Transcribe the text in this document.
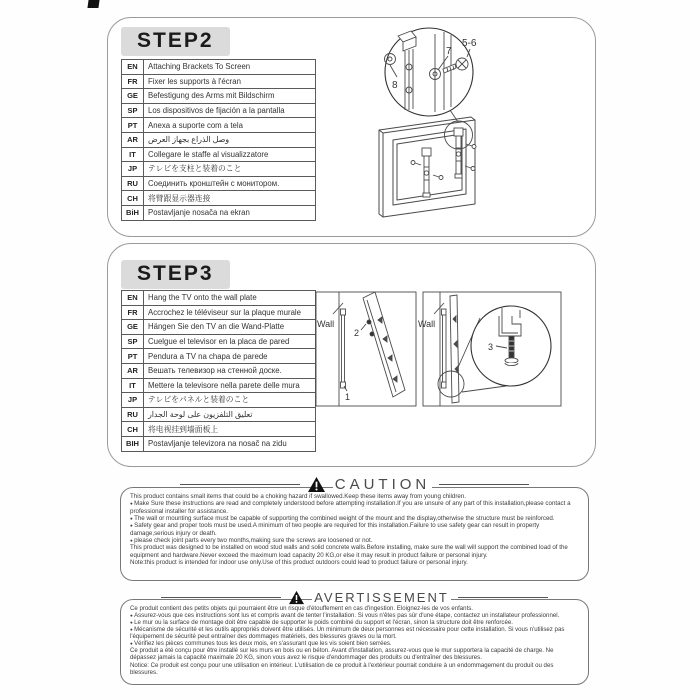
STEP2
EN	Attaching Brackets To Screen
FR	Fixer les supports à l'écran
GE	Befestigung des Arms mit Bildschirm
SP	Los dispositivos de fijación a la pantalla
PT	Anexa a suporte com a tela
AR	وصل الذراع بجهاز العرض
IT	Collegare le staffe al visualizzatore
JP	テレビを支柱と装着のこと
RU	Соединить кронштейн с монитором.
CH	将臂跟显示器连接
BiH	Postavljanje nosača na ekran
8
7
5-6
STEP3
EN	Hang the TV onto the wall plate
FR	Accrochez le téléviseur sur la plaque murale
GE	Hängen Sie den TV an die Wand-Platte
SP	Cuelgue el televisor en la placa de pared
PT	Pendura a TV na chapa de parede
AR	Вешать телевизор на стенной доске.
IT	Mettere la televisore nella parete delle mura
JP	テレビをパネルと装着のこと
RU	تعليق التلفزيون على لوحة الجدار
CH	将电视挂到墙面板上
BIH	Postavljanje televizora na nosač na zidu
Wall
1
2
Wall
3
CAUTION

This product contains small items that could be a choking hazard if swallowed.Keep these items away from young children.

● Make Sure these instructions are read and completely understood before attempting installation.If you are unsure of any part of this installation,please contact a professional installer for assistance.
● The wall or mounting surface must be capable of supporting the combined weight of the mount and the display,otherwise the structure must be reinforced.
● Safety gear and proper tools must be used.A minimum of two people are required for this installation.Failure to use safety gear can result in property damage,serious injury or death.
● please check joint parts every two months,making sure the screws are loosened or not.

This product was designed to be installed on wood stud walls and solid concrete walls.Before installing, make sure the wall will support the combined load of the equipment and hardware.Never exceed the maximum load capacity 20 KG,or else it may result in product failure or personal injury.

Note:this product is intended for indoor use only.Use of this product outdoors could lead to product failure or personal injury.

AVERTISSEMENT

Ce produit contient des petits objets qui pourraient être un risque d'étouffement en cas d'ingestion. Eloignez-les de vos enfants.

● Assurez-vous que ces instructions sont lus et compris avant de tenter l'installation. Si vous n'êtes pas sûr d'une étape, contactez un installateur professionnel.
● Le mur ou la surface de montage doit être capable de supporter le poids combiné du support et l'écran, sinon la structure doit être renforcée.
● Mécanisme de sécurité et les outils appropriés doivent être utilisés. Un minimum de deux personnes est nécessaire pour cette installation. Si vous n'utilisez pas l'équipement de sécurité peut entraîner des dommages matériels, des blessures graves ou la mort.
● Vérifiez les pièces communes tous les deux mois, en s'assurant que les vis soient bien serrées.

Ce produit a été conçu pour être installé sur les murs en bois ou en béton. Avant d'installation, assurez-vous que le mur supportera la capacité de charge. Ne dépassez jamais la capacité maximale 20 KG, sinon vous avez le risque d'endommager des produits ou d'entraîner des blessures.

Notice: Ce produit est conçu pour une utilisation en intérieur. L'utilisation de ce produit à l'extérieur pourrait conduire à un endommagement du produit ou des blessures.
